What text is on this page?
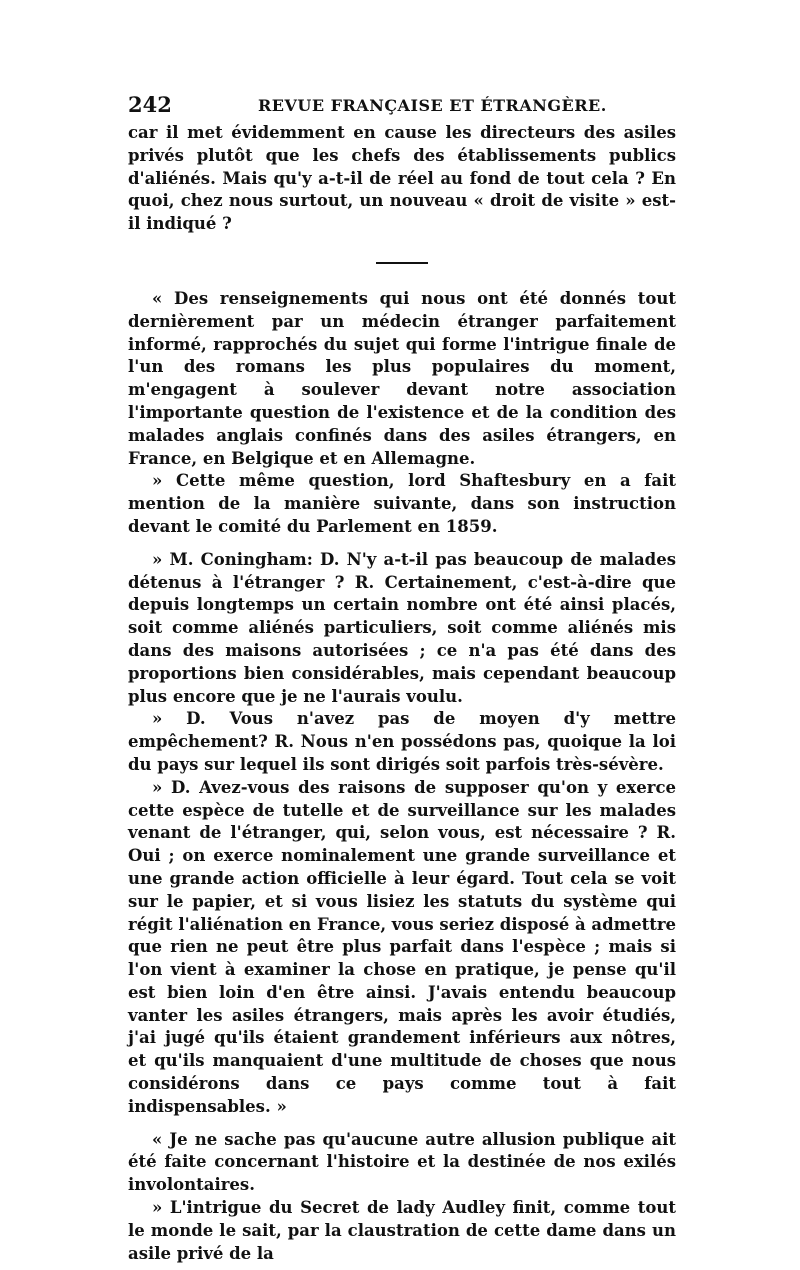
242	REVUE FRANÇAISE ET ÉTRANGÈRE.

car il met évidemment en cause les directeurs des asiles privés plutôt que les chefs des établissements publics d'aliénés. Mais qu'y a-t-il de réel au fond de tout cela ? En quoi, chez nous surtout, un nouveau « droit de visite » est-il indiqué ?

« Des renseignements qui nous ont été donnés tout dernièrement par un médecin étranger parfaitement informé, rapprochés du sujet qui forme l'intrigue finale de l'un des romans les plus populaires du moment, m'engagent à soulever devant notre association l'importante question de l'existence et de la condition des malades anglais confinés dans des asiles étrangers, en France, en Belgique et en Allemagne.

» Cette même question, lord Shaftesbury en a fait mention de la manière suivante, dans son instruction devant le comité du Parlement en 1859.

» M. Coningham: D. N'y a-t-il pas beaucoup de malades détenus à l'étranger ? R. Certainement, c'est-à-dire que depuis longtemps un certain nombre ont été ainsi placés, soit comme aliénés particuliers, soit comme aliénés mis dans des maisons autorisées ; ce n'a pas été dans des proportions bien considérables, mais cependant beaucoup plus encore que je ne l'aurais voulu.

» D. Vous n'avez pas de moyen d'y mettre empêchement? R. Nous n'en possédons pas, quoique la loi du pays sur lequel ils sont dirigés soit parfois très-sévère.

» D. Avez-vous des raisons de supposer qu'on y exerce cette espèce de tutelle et de surveillance sur les malades venant de l'étranger, qui, selon vous, est nécessaire ? R. Oui ; on exerce nominalement une grande surveillance et une grande action officielle à leur égard. Tout cela se voit sur le papier, et si vous lisiez les statuts du système qui régit l'aliénation en France, vous seriez disposé à admettre que rien ne peut être plus parfait dans l'espèce ; mais si l'on vient à examiner la chose en pratique, je pense qu'il est bien loin d'en être ainsi. J'avais entendu beaucoup vanter les asiles étrangers, mais après les avoir étudiés, j'ai jugé qu'ils étaient grandement inférieurs aux nôtres, et qu'ils manquaient d'une multitude de choses que nous considérons dans ce pays comme tout à fait indispensables. »

« Je ne sache pas qu'aucune autre allusion publique ait été faite concernant l'histoire et la destinée de nos exilés involontaires.

» L'intrigue du Secret de lady Audley finit, comme tout le monde le sait, par la claustration de cette dame dans un asile privé de la
